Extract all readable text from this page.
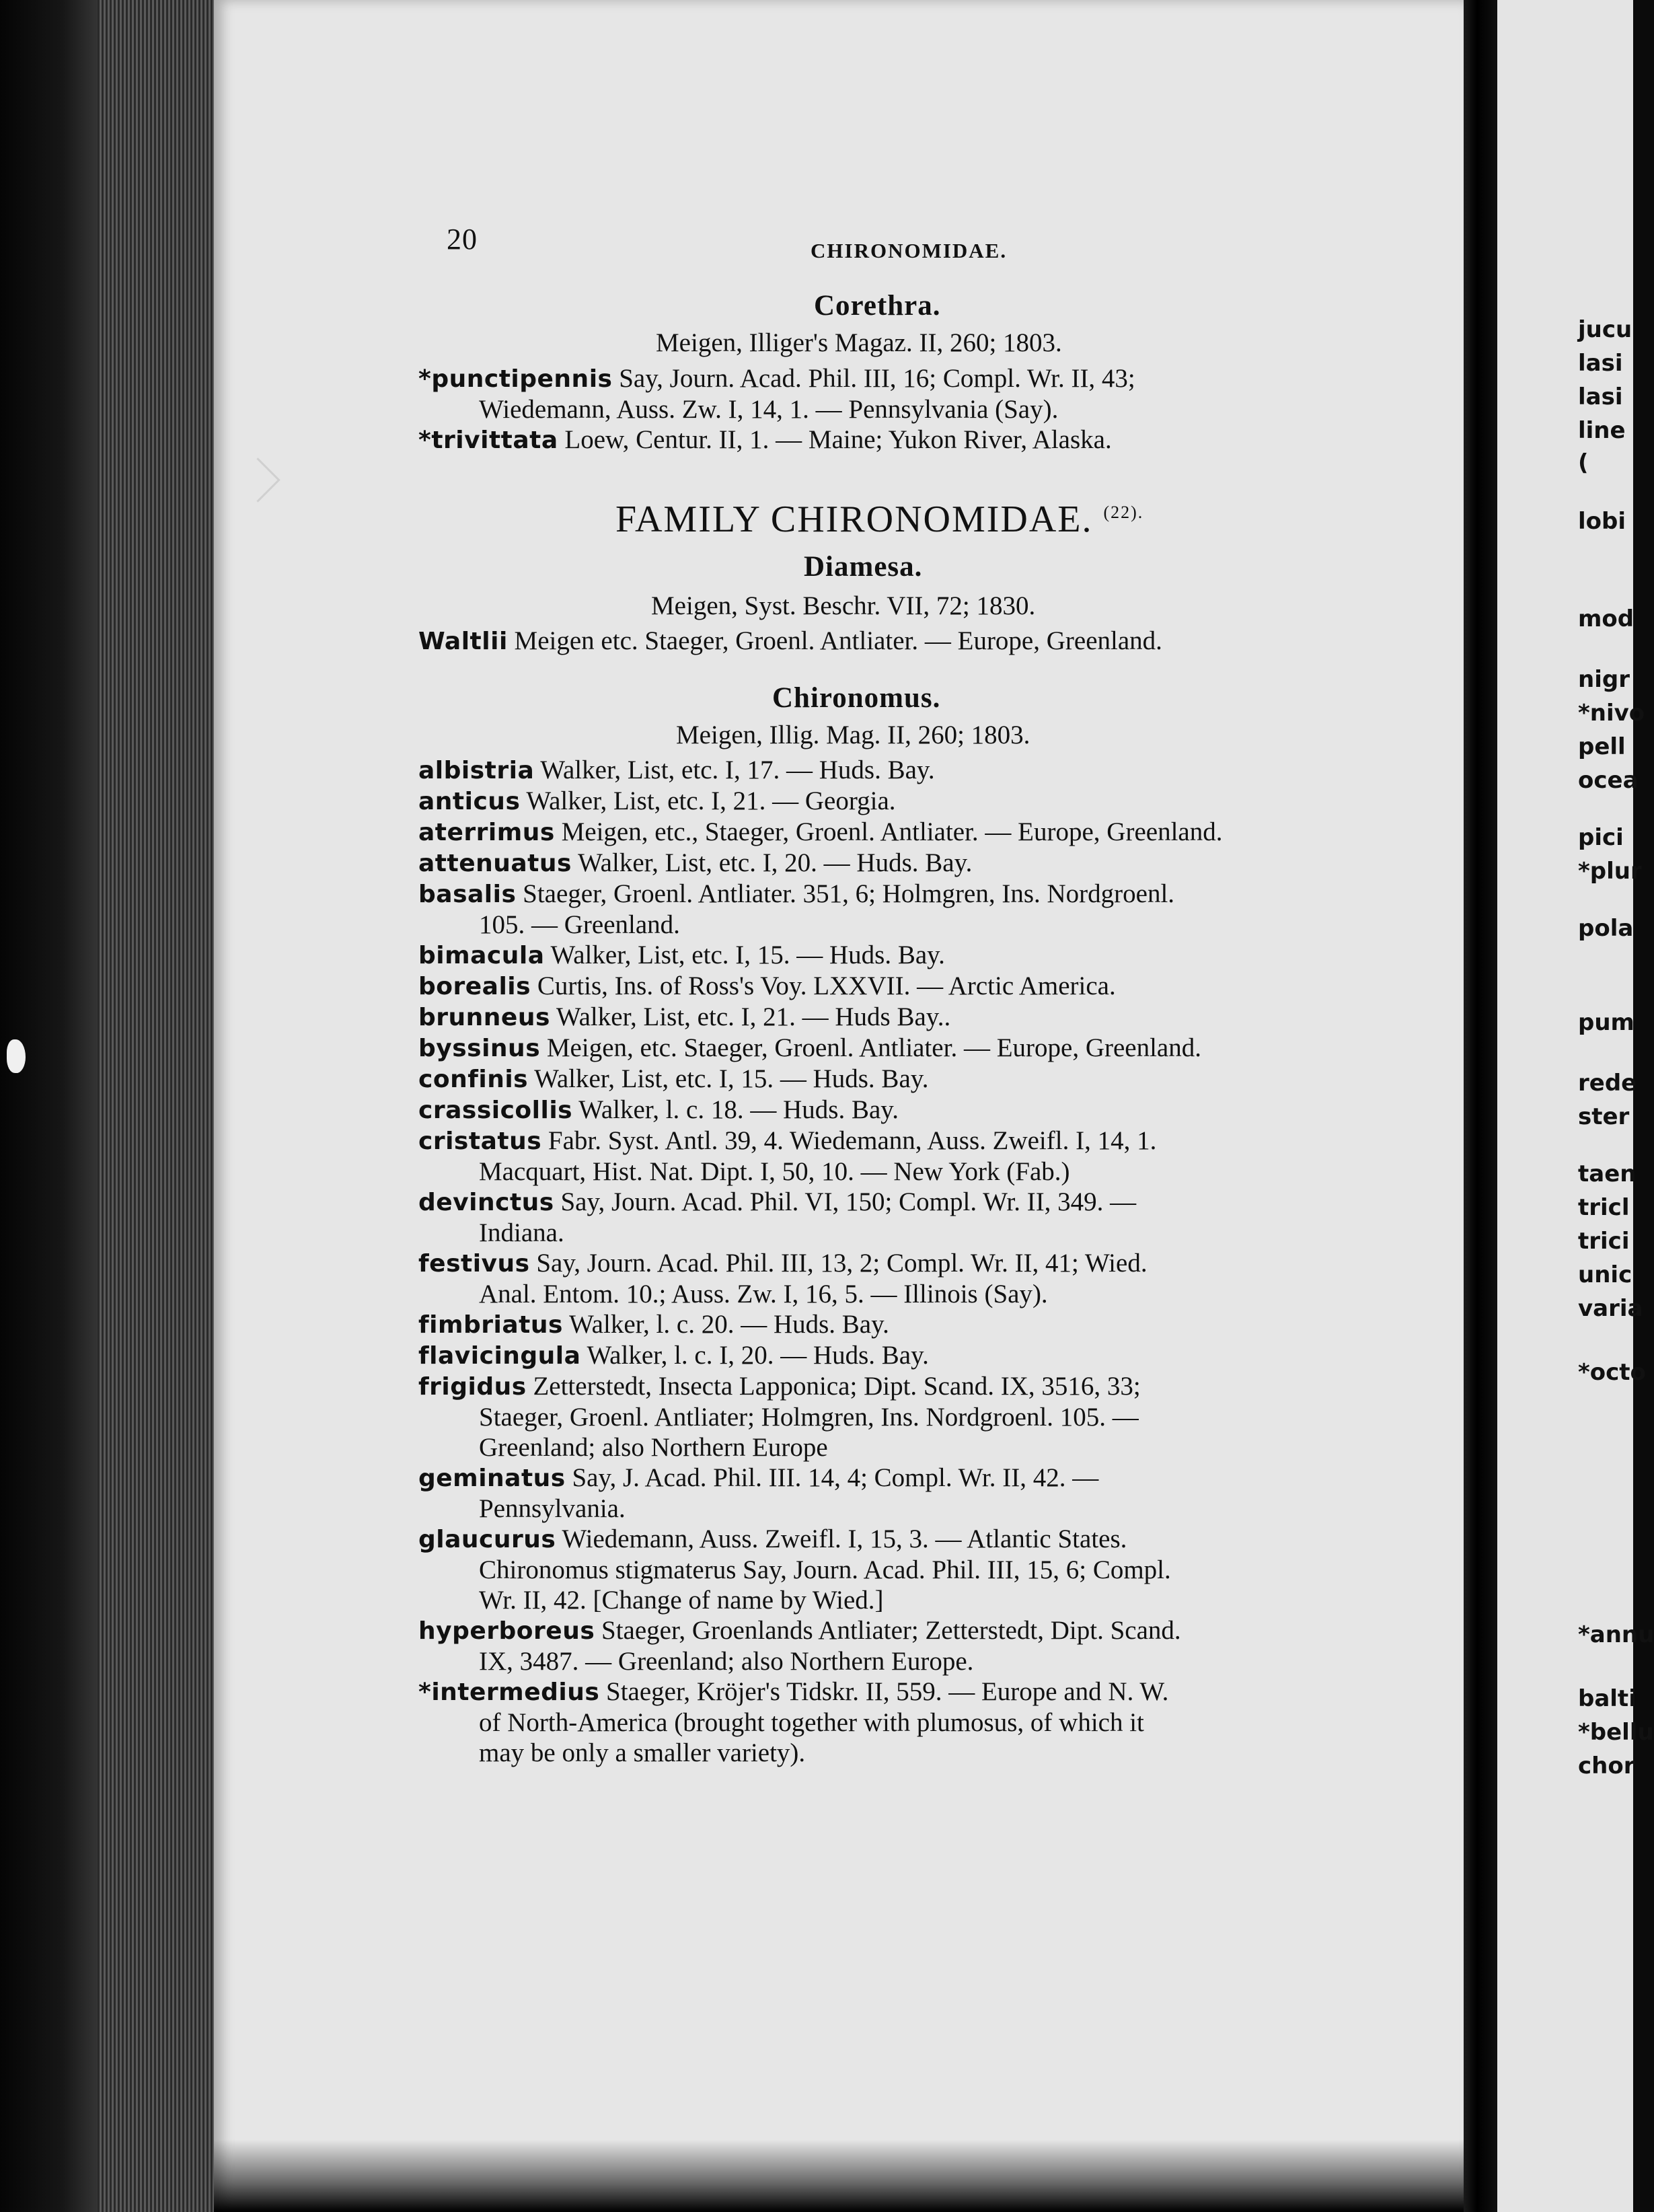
20	CHIRONOMIDAE.
Corethra.
Meigen, Illiger's Magaz. II, 260; 1803.
*punctipennis Say, Journ. Acad. Phil. III, 16; Compl. Wr. II, 43;
Wiedemann, Auss. Zw. I, 14, 1. — Pennsylvania (Say).
*trivittata Loew, Centur. II, 1. — Maine; Yukon River, Alaska.
FAMILY CHIRONOMIDAE. $^{(22).}$
Diamesa.
Meigen, Syst. Beschr. VII, 72; 1830.
Waltlii Meigen etc. Staeger, Groenl. Antliater. — Europe, Greenland.
Chironomus.
Meigen, Illig. Mag. II, 260; 1803.
albistria Walker, List, etc. I, 17. — Huds. Bay.
anticus Walker, List, etc. I, 21. — Georgia.
aterrimus Meigen, etc., Staeger, Groenl. Antliater. — Europe, Greenland.
attenuatus Walker, List, etc. I, 20. — Huds. Bay.
basalis Staeger, Groenl. Antliater. 351, 6; Holmgren, Ins. Nordgroenl.
105. — Greenland.
bimacula Walker, List, etc. I, 15. — Huds. Bay.
borealis Curtis, Ins. of Ross's Voy. LXXVII. — Arctic America.
brunneus Walker, List, etc. I, 21. — Huds Bay..
byssinus Meigen, etc. Staeger, Groenl. Antliater. — Europe, Greenland.
confinis Walker, List, etc. I, 15. — Huds. Bay.
crassicollis Walker, l. c. 18. — Huds. Bay.
cristatus Fabr. Syst. Antl. 39, 4. Wiedemann, Auss. Zweifl. I, 14, 1.
Macquart, Hist. Nat. Dipt. I, 50, 10. — New York (Fab.)
devinctus Say, Journ. Acad. Phil. VI, 150; Compl. Wr. II, 349. —
Indiana.
festivus Say, Journ. Acad. Phil. III, 13, 2; Compl. Wr. II, 41; Wied.
Anal. Entom. 10.; Auss. Zw. I, 16, 5. — Illinois (Say).
fimbriatus Walker, l. c. 20. — Huds. Bay.
flavicingula Walker, l. c. I, 20. — Huds. Bay.
frigidus Zetterstedt, Insecta Lapponica; Dipt. Scand. IX, 3516, 33;
Staeger, Groenl. Antliater; Holmgren, Ins. Nordgroenl. 105. —
Greenland; also Northern Europe
geminatus Say, J. Acad. Phil. III. 14, 4; Compl. Wr. II, 42. —
Pennsylvania.
glaucurus Wiedemann, Auss. Zweifl. I, 15, 3. — Atlantic States.
Chironomus stigmaterus Say, Journ. Acad. Phil. III, 15, 6; Compl.
Wr. II, 42. [Change of name by Wied.]
hyperboreus Staeger, Groenlands Antliater; Zetterstedt, Dipt. Scand.
IX, 3487. — Greenland; also Northern Europe.
*intermedius Staeger, Kröjer's Tidskr. II, 559. — Europe and N. W.
of North-America (brought together with plumosus, of which it
may be only a smaller variety).
jucu
lasi
lasi
line
(
lobi
mod
nigr
*nivo
pell
ocea
pici
*plur
pola
pum
rede
ster
taen
tricl
trici
unic
varia
*octo
*annu
balti
*bellu
chor
